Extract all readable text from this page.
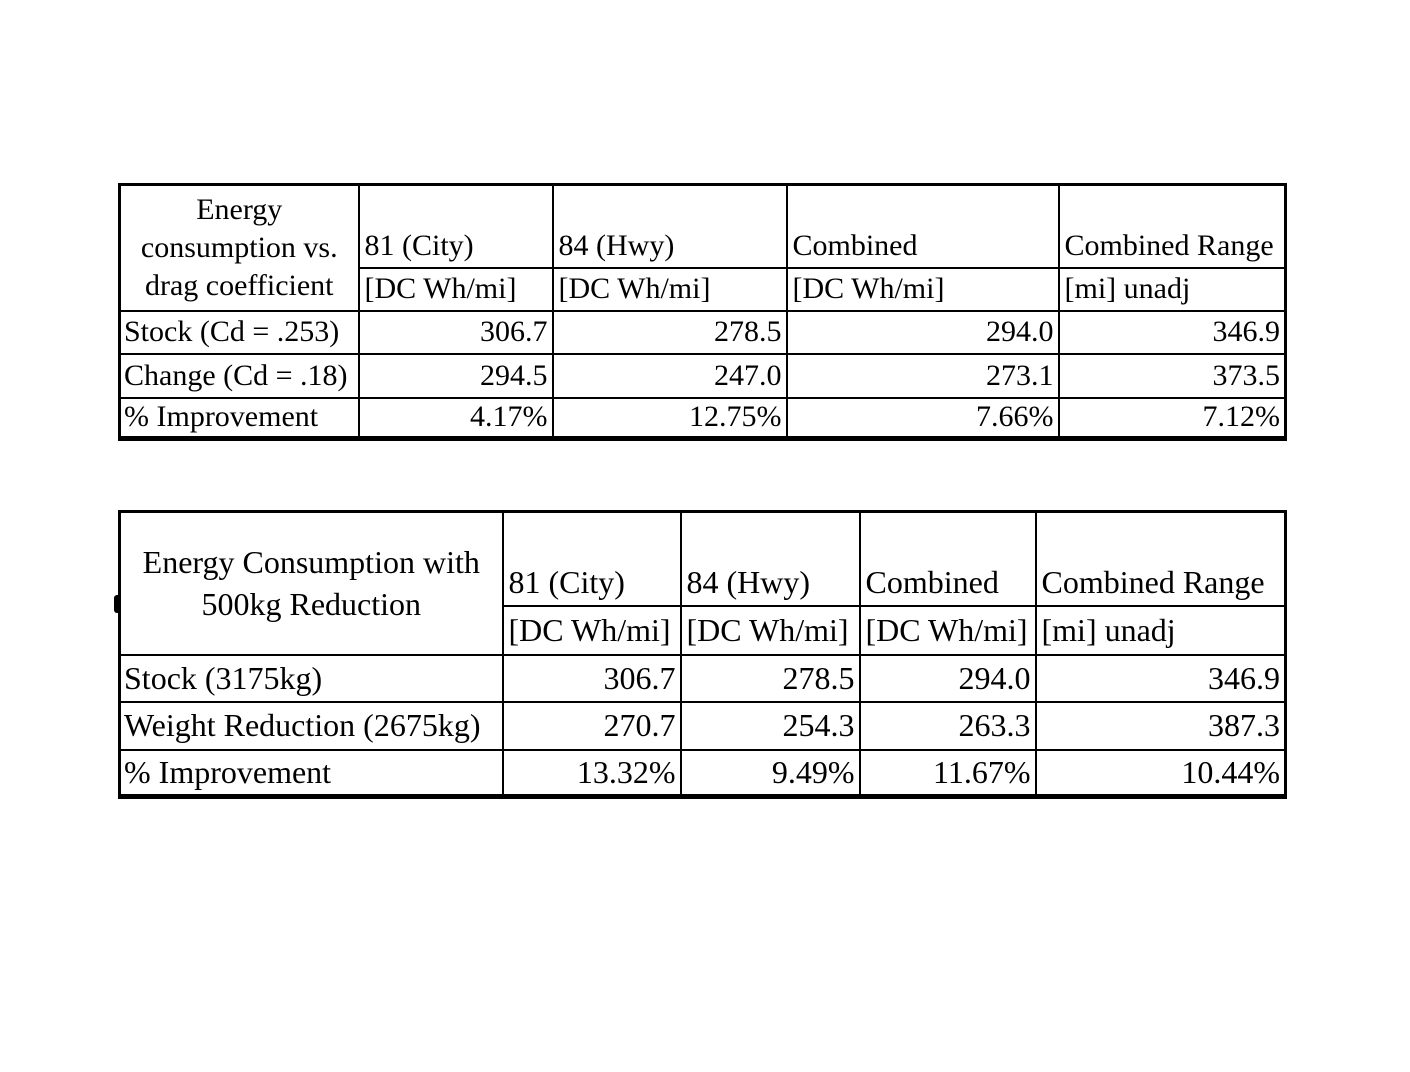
Energy
consumption vs.
drag coefficient	81 (City)	84 (Hwy)	Combined	Combined Range
	[DC Wh/mi]	[DC Wh/mi]	[DC Wh/mi]	[mi] unadj
Stock (Cd = .253)	306.7	278.5	294.0	346.9
Change (Cd = .18)	294.5	247.0	273.1	373.5
% Improvement	4.17%	12.75%	7.66%	7.12%
Energy Consumption with
500kg Reduction	81 (City)	84 (Hwy)	Combined	Combined Range
	[DC Wh/mi]	[DC Wh/mi]	[DC Wh/mi]	[mi] unadj
Stock (3175kg)	306.7	278.5	294.0	346.9
Weight Reduction (2675kg)	270.7	254.3	263.3	387.3
% Improvement	13.32%	9.49%	11.67%	10.44%
